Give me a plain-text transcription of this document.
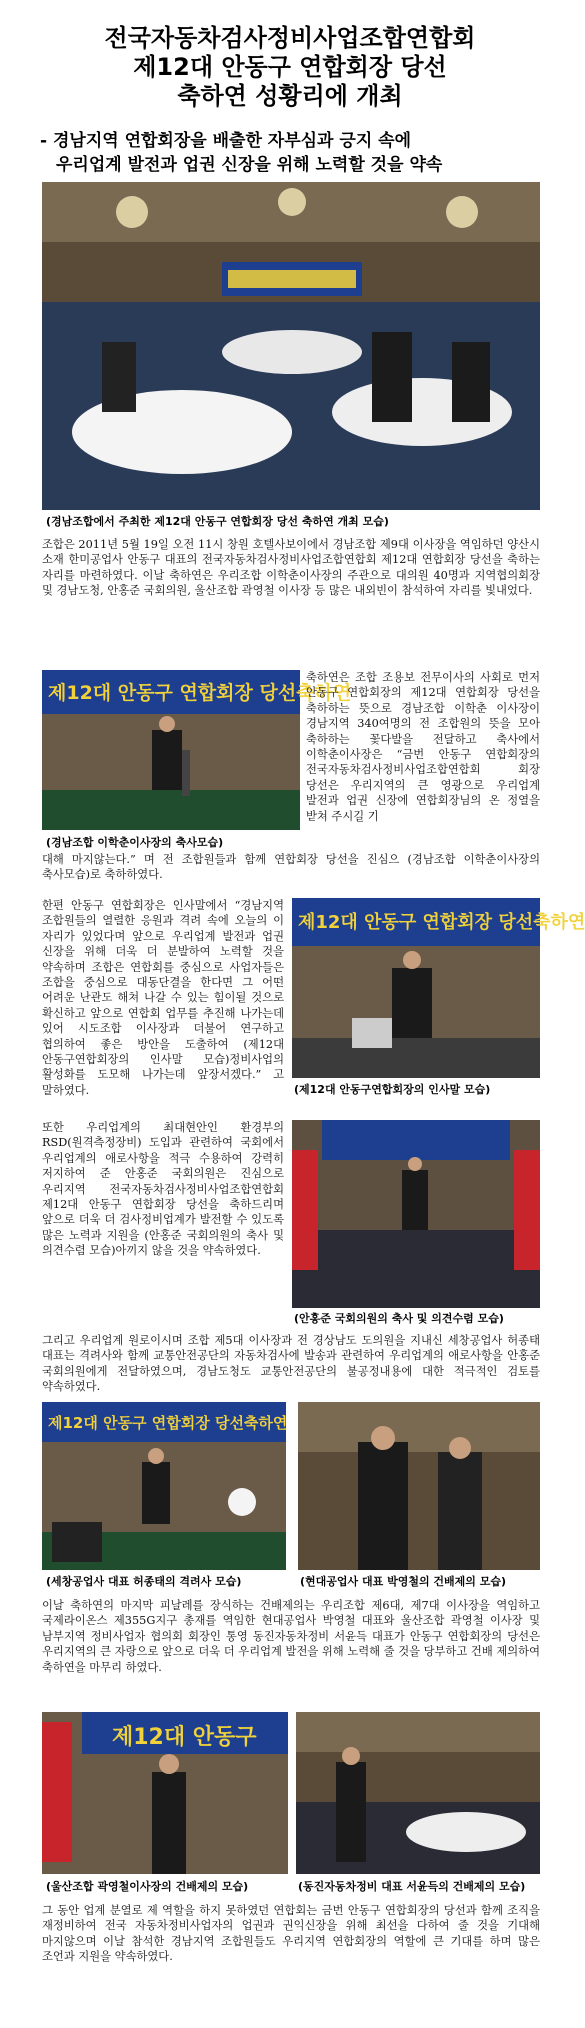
전국자동차검사정비사업조합연합회
제12대 안동구 연합회장 당선
축하연 성황리에 개최
- 경남지역 연합회장을 배출한 자부심과 긍지 속에
우리업계 발전과 업권 신장을 위해 노력할 것을 약속
(경남조합에서 주최한 제12대 안동구 연합회장 당선 축하연 개최 모습)
조합은 2011년 5월 19일 오전 11시 창원 호텔사보이에서 경남조합 제9대 이사장을 역임하던 양산시 소재 한미공업사 안동구 대표의 전국자동차검사정비사업조합연합회 제12대 연합회장 당선을 축하는 자리를 마련하였다. 이날 축하연은 우리조합 이학춘이사장의 주관으로 대의원 40명과 지역협의회장 및 경남도청, 안홍준 국회의원, 울산조합 곽영철 이사장 등 많은 내외빈이 참석하여 자리를 빛내었다.
제12대 안동구 연합회장 당선축하연
(경남조합 이학춘이사장의 축사모습)
축하연은 조합 조용보 전무이사의 사회로 먼저 안동구 연합회장의 제12대 연합회장 당선을 축하하는 뜻으로 경남조합 이학춘 이사장이 경남지역 340여명의 전 조합원의 뜻을 모아 축하하는 꽃다발을 전달하고 축사에서 이학춘이사장은 “금번 안동구 연합회장의 전국자동차검사정비사업조합연합회 회장 당선은 우리지역의 큰 영광으로 우리업계 발전과 업권 신장에 연합회장님의 온 정열을 받쳐 주시길 기
대해 마지않는다.” 며 전 조합원들과 함께 연합회장 당선을 진심으 (경남조합 이학춘이사장의 축사모습)로 축하하였다.
한편 안동구 연합회장은 인사말에서 “경남지역 조합원들의 열렬한 응원과 격려 속에 오늘의 이 자리가 있었다며 앞으로 우리업계 발전과 업권 신장을 위해 더욱 더 분발하여 노력할 것을 약속하며 조합은 연합회를 중심으로 사업자들은 조합을 중심으로 대동단결을 한다면 그 어떤 어려운 난관도 해쳐 나갈 수 있는 힘이될 것으로 확신하고 앞으로 연합회 업무를 추진해 나가는데 있어 시도조합 이사장과 더불어 연구하고 협의하여 좋은 방안을 도출하여 (제12대 안동구연합회장의 인사말 모습)정비사업의 활성화를 도모해 나가는데 앞장서겠다.” 고 말하였다.
제12대 안동구 연합회장 당선축하연
(제12대 안동구연합회장의 인사말 모습)
또한 우리업계의 최대현안인 환경부의 RSD(원격측정장비) 도입과 관련하여 국회에서 우리업계의 애로사항을 적극 수용하여 강력히 저지하여 준 안홍준 국회의원은 진심으로 우리지역 전국자동차검사정비사업조합연합회 제12대 안동구 연합회장 당선을 축하드리며 앞으로 더욱 더 검사정비업계가 발전할 수 있도록 많은 노력과 지원을 (안홍준 국회의원의 축사 및 의견수렴 모습)아끼지 않을 것을 약속하였다.
(안홍준 국회의원의 축사 및 의견수렴 모습)
그리고 우리업계 원로이시며 조합 제5대 이사장과 전 경상남도 도의원을 지내신 세창공업사 허종태 대표는 격려사와 함께 교통안전공단의 자동차검사에 발송과 관련하여 우리업계의 애로사항을 안홍준 국회의원에게 전달하였으며, 경남도청도 교통안전공단의 불공정내용에 대한 적극적인 검토를 약속하였다.
제12대 안동구 연합회장 당선축하연
(세창공업사 대표 허종태의 격려사 모습)	(현대공업사 대표 박영철의 건배제의 모습)
이날 축하연의 마지막 피날레를 장식하는 건배제의는 우리조합 제6대, 제7대 이사장을 역임하고 국제라이온스 제355G지구 총재를 역임한 현대공업사 박영철 대표와 울산조합 곽영철 이사장 및 남부지역 정비사업자 협의회 회장인 통영 동진자동차정비 서윤득 대표가 안동구 연합회장의 당선은 우리지역의 큰 자랑으로 앞으로 더욱 더 우리업계 발전을 위해 노력해 줄 것을 당부하고 건배 제의하여 축하연을 마무리 하였다.
제12대 안동구
(울산조합 곽영철이사장의 건배제의 모습)	(동진자동차정비 대표 서윤득의 건배제의 모습)
그 동안 업계 분열로 제 역할을 하지 못하였던 연합회는 금번 안동구 연합회장의 당선과 함께 조직을 재정비하여 전국 자동차정비사업자의 업권과 권익신장을 위해 최선을 다하여 줄 것을 기대해 마지않으며 이날 참석한 경남지역 조합원들도 우리지역 연합회장의 역할에 큰 기대를 하며 많은 조언과 지원을 약속하였다.
